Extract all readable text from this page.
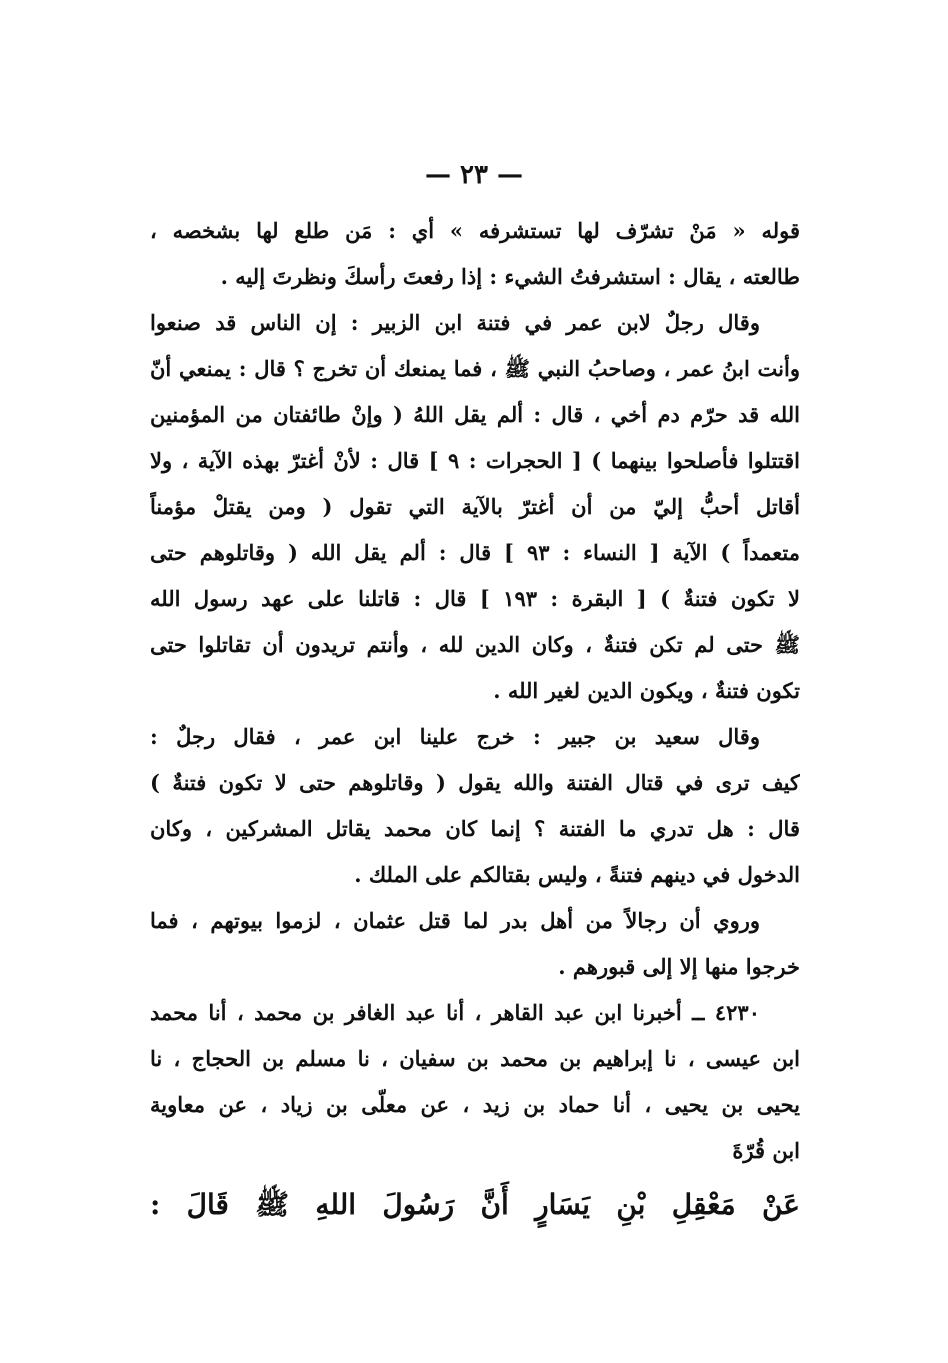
— ٢٣ —
قوله « مَنْ تشرّف لها تستشرفه » أي : مَن طلع لها بشخصه ،
طالعته ، يقال : استشرفتُ الشيء : إذا رفعتَ رأسكَ ونظرتَ إليه .
وقال رجلٌ لابن عمر في فتنة ابن الزبير : إن الناس قد صنعوا
وأنت ابنُ عمر ، وصاحبُ النبي ﷺ ، فما يمنعك أن تخرج ؟ قال : يمنعي أنّ
الله قد حرّم دم أخي ، قال : ألم يقل اللهُ ( وإنْ طائفتان من المؤمنين
اقتتلوا فأصلحوا بينهما ) [ الحجرات : ٩ ] قال : لأنْ أغترّ بهذه الآية ، ولا
أقاتل أحبُّ إليّ من أن أغترّ بالآية التي تقول ( ومن يقتلْ مؤمناً
متعمداً ) الآية [ النساء : ٩٣ ] قال : ألم يقل الله ( وقاتلوهم حتى
لا تكون فتنةٌ ) [ البقرة : ١٩٣ ] قال : قاتلنا على عهد رسول الله
ﷺ حتى لم تكن فتنةٌ ، وكان الدين لله ، وأنتم تريدون أن تقاتلوا حتى
تكون فتنةٌ ، ويكون الدين لغير الله .
وقال سعيد بن جبير : خرج علينا ابن عمر ، فقال رجلٌ :
كيف ترى في قتال الفتنة والله يقول ( وقاتلوهم حتى لا تكون فتنةٌ )
قال : هل تدري ما الفتنة ؟ إنما كان محمد يقاتل المشركين ، وكان
الدخول في دينهم فتنةً ، وليس بقتالكم على الملك .
وروي أن رجالاً من أهل بدر لما قتل عثمان ، لزموا بيوتهم ، فما
خرجوا منها إلا إلى قبورهم .
٤٢٣٠ ــ أخبرنا ابن عبد القاهر ، أنا عبد الغافر بن محمد ، أنا محمد
ابن عيسى ، نا إبراهيم بن محمد بن سفيان ، نا مسلم بن الحجاج ، نا
يحيى بن يحيى ، أنا حماد بن زيد ، عن معلّى بن زياد ، عن معاوية
ابن قُرّةَ
عَنْ مَعْقِلِ بْنِ يَسَارٍ أَنَّ رَسُولَ اللهِ ﷺ قَالَ :
